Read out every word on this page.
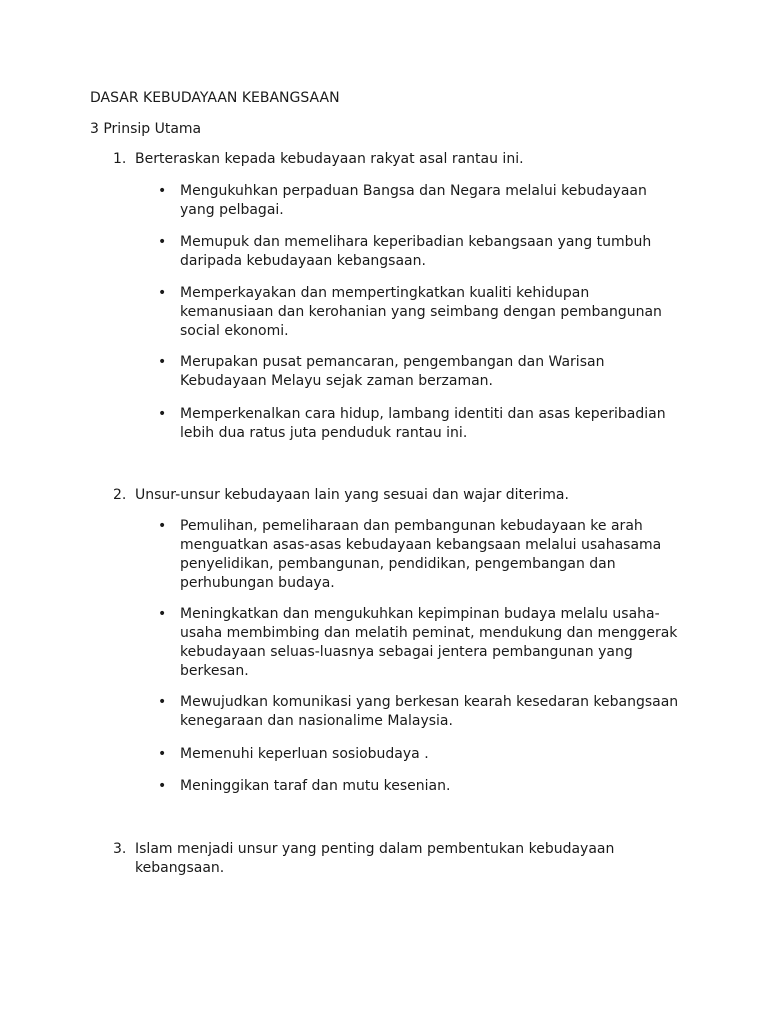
DASAR KEBUDAYAAN KEBANGSAAN
3 Prinsip Utama
1. Berteraskan kepada kebudayaan rakyat asal rantau ini.
• Mengukuhkan perpaduan Bangsa dan Negara melalui kebudayaan yang pelbagai.
• Memupuk dan memelihara keperibadian kebangsaan yang tumbuh daripada kebudayaan kebangsaan.
• Memperkayakan dan mempertingkatkan kualiti kehidupan kemanusiaan dan kerohanian yang seimbang dengan pembangunan social ekonomi.
• Merupakan pusat pemancaran, pengembangan dan Warisan Kebudayaan Melayu sejak zaman berzaman.
• Memperkenalkan cara hidup, lambang identiti dan asas keperibadian lebih dua ratus juta penduduk rantau ini.
2. Unsur-unsur kebudayaan lain yang sesuai dan wajar diterima.
• Pemulihan, pemeliharaan dan pembangunan kebudayaan ke arah menguatkan asas-asas kebudayaan kebangsaan melalui usahasama penyelidikan, pembangunan, pendidikan, pengembangan dan perhubungan budaya.
• Meningkatkan dan mengukuhkan kepimpinan budaya melalu usaha-usaha membimbing dan melatih peminat, mendukung dan menggerak kebudayaan seluas-luasnya sebagai jentera pembangunan yang berkesan.
• Mewujudkan komunikasi yang berkesan kearah kesedaran kebangsaan kenegaraan dan nasionalime Malaysia.
• Memenuhi keperluan sosiobudaya .
• Meninggikan taraf dan mutu kesenian.
3. Islam menjadi unsur yang penting dalam pembentukan kebudayaan kebangsaan.
